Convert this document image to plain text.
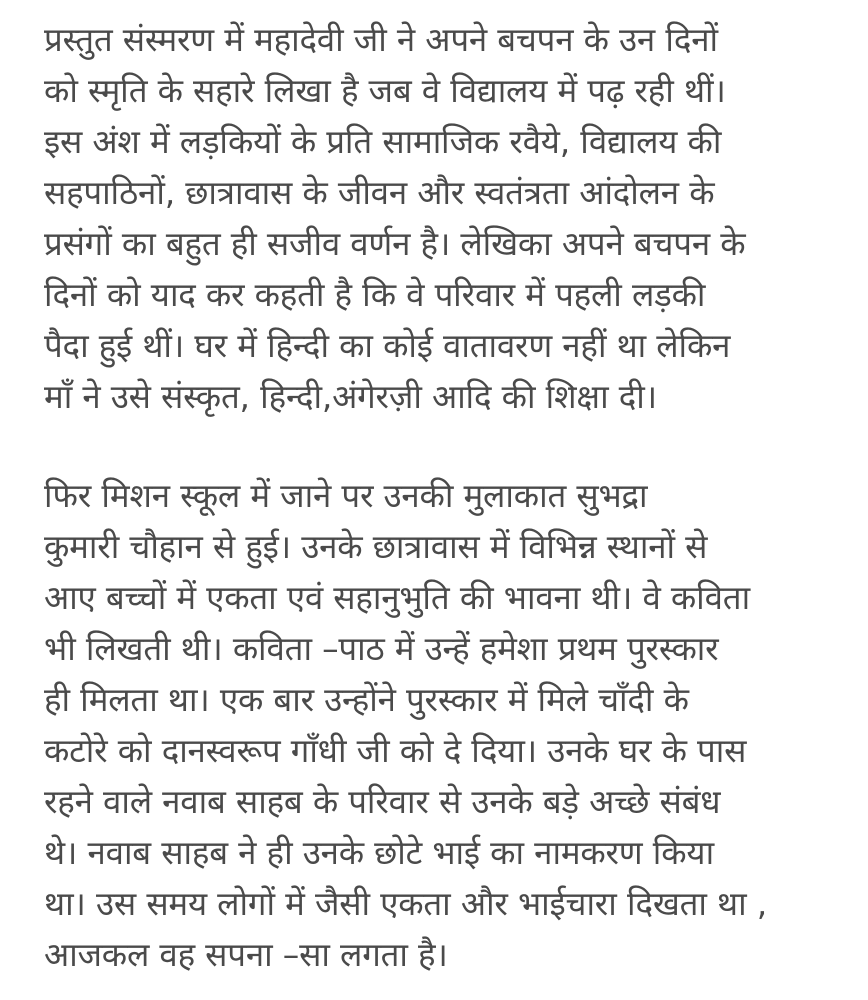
प्रस्तुत संस्मरण में महादेवी जी ने अपने बचपन के उन दिनों
को स्मृति के सहारे लिखा है जब वे विद्यालय में पढ़ रही थीं।
इस अंश में लड़कियों के प्रति सामाजिक रवैये, विद्यालय की
सहपाठिनों, छात्रावास के जीवन और स्वतंत्रता आंदोलन के
प्रसंगों का बहुत ही सजीव वर्णन है। लेखिका अपने बचपन के
दिनों को याद कर कहती है कि वे परिवार में पहली लड़की
पैदा हुई थीं। घर में हिन्दी का कोई वातावरण नहीं था लेकिन
माँ ने उसे संस्कृत, हिन्दी,अंगेरज़ी आदि की शिक्षा दी।
फिर मिशन स्कूल में जाने पर उनकी मुलाकात सुभद्रा
कुमारी चौहान से हुई। उनके छात्रावास में विभिन्न स्थानों से
आए बच्चों में एकता एवं सहानुभुति की भावना थी। वे कविता
भी लिखती थी। कविता –पाठ में उन्हें हमेशा प्रथम पुरस्कार
ही मिलता था। एक बार उन्होंने पुरस्कार में मिले चाँदी के
कटोरे को दानस्वरूप गाँधी जी को दे दिया। उनके घर के पास
रहने वाले नवाब साहब के परिवार से उनके बड़े अच्छे संबंध
थे। नवाब साहब ने ही उनके छोटे भाई का नामकरण किया
था। उस समय लोगों में जैसी एकता और भाईचारा दिखता था ,
आजकल वह सपना –सा लगता है।
